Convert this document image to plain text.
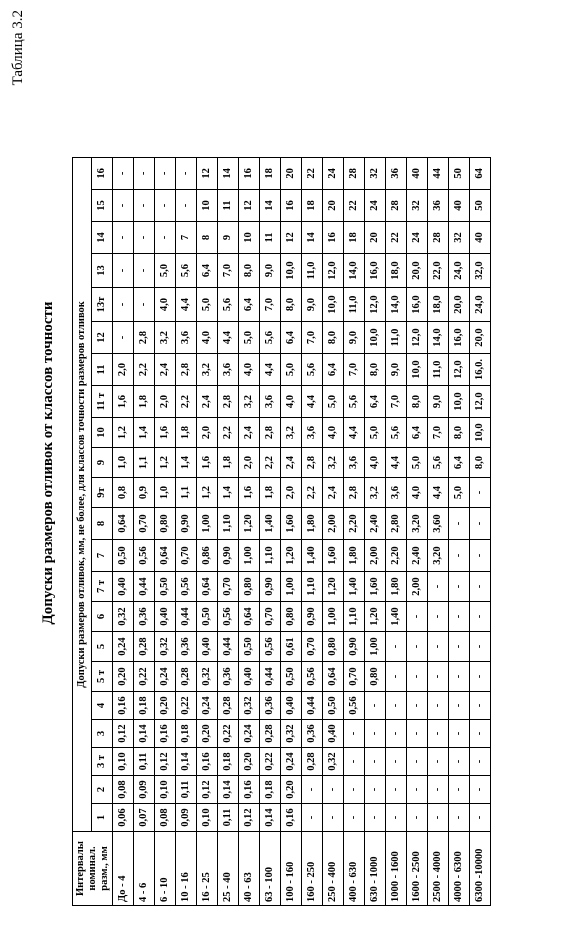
Таблица 3.2
Допуски размеров отливок от классов точности
Интервалы номинал. разм., мм	Допуски размеров отливок, мм, не более, для классов точности размеров отливок																					
	1	2	3 т	3	4	5 т	5	6	7 т	7	8	9т	9	10	11 т	11	12	13т	13	14	15	16
До - 4	0,06	0,08	0,10	0,12	0,16	0,20	0,24	0,32	0,40	0,50	0,64	0,8	1,0	1,2	1,6	2,0	-	-	-	-	-	-
4 - 6	0,07	0,09	0,11	0,14	0,18	0,22	0,28	0,36	0,44	0,56	0,70	0,9	1,1	1,4	1,8	2,2	2,8	-	-	-	-	-
6 - 10	0,08	0,10	0,12	0,16	0,20	0,24	0,32	0,40	0,50	0,64	0,80	1,0	1,2	1,6	2,0	2,4	3,2	4,0	5,0	-	-	-
10 - 16	0,09	0,11	0,14	0,18	0,22	0,28	0,36	0,44	0,56	0,70	0,90	1,1	1,4	1,8	2,2	2,8	3,6	4,4	5,6	7	-	-
16 - 25	0,10	0,12	0,16	0,20	0,24	0,32	0,40	0,50	0,64	0,86	1,00	1,2	1,6	2,0	2,4	3,2	4,0	5,0	6,4	8	10	12
25 - 40	0,11	0,14	0,18	0,22	0,28	0,36	0,44	0,56	0,70	0,90	1,10	1,4	1,8	2,2	2,8	3,6	4,4	5,6	7,0	9	11	14
40 - 63	0,12	0,16	0,20	0,24	0,32	0,40	0,50	0,64	0,80	1,00	1,20	1,6	2,0	2,4	3,2	4,0	5,0	6,4	8,0	10	12	16
63 - 100	0,14	0,18	0,22	0,28	0,36	0,44	0,56	0,70	0,90	1,10	1,40	1,8	2,2	2,8	3,6	4,4	5,6	7,0	9,0	11	14	18
100 - 160	0,16	0,20	0,24	0,32	0,40	0,50	0,61	0,80	1,00	1,20	1,60	2,0	2,4	3,2	4,0	5,0	6,4	8,0	10,0	12	16	20
160 - 250	-	-	0,28	0,36	0,44	0,56	0,70	0,90	1,10	1,40	1,80	2,2	2,8	3,6	4,4	5,6	7,0	9,0	11,0	14	18	22
250 - 400	-	-	0,32	0,40	0,50	0,64	0,80	1,00	1,20	1,60	2,00	2,4	3,2	4,0	5,0	6,4	8,0	10,0	12,0	16	20	24
400 - 630	-	-	-	-	0,56	0,70	0,90	1,10	1,40	1,80	2,20	2,8	3,6	4,4	5,6	7,0	9,0	11,0	14,0	18	22	28
630 - 1000	-	-	-	-	-	0,80	1,00	1,20	1,60	2,00	2,40	3,2	4,0	5,0	6,4	8,0	10,0	12,0	16,0	20	24	32
1000 - 1600	-	-	-	-	-	-	-	1,40	1,80	2,20	2,80	3,6	4,4	5,6	7,0	9,0	11,0	14,0	18,0	22	28	36
1600 - 2500	-	-	-	-	-	-	-	-	2,00	2,40	3,20	4,0	5,0	6,4	8,0	10,0	12,0	16,0	20,0	24	32	40
2500 - 4000	-	-	-	-	-	-	-	-	-	3,20	3,60	4,4	5,6	7,0	9,0	11,0	14,0	18,0	22,0	28	36	44
4000 - 6300	-	-	-	-	-	-	-	-	-	-	-	5,0	6,4	8,0	10,0	12,0	16,0	20,0	24,0	32	40	50
6300 -10000	-	-	-	-	-	-	-	-	-	-	-	-	8,0	10,0	12,0	16,0.	20,0	24,0	32,0	40	50	64
